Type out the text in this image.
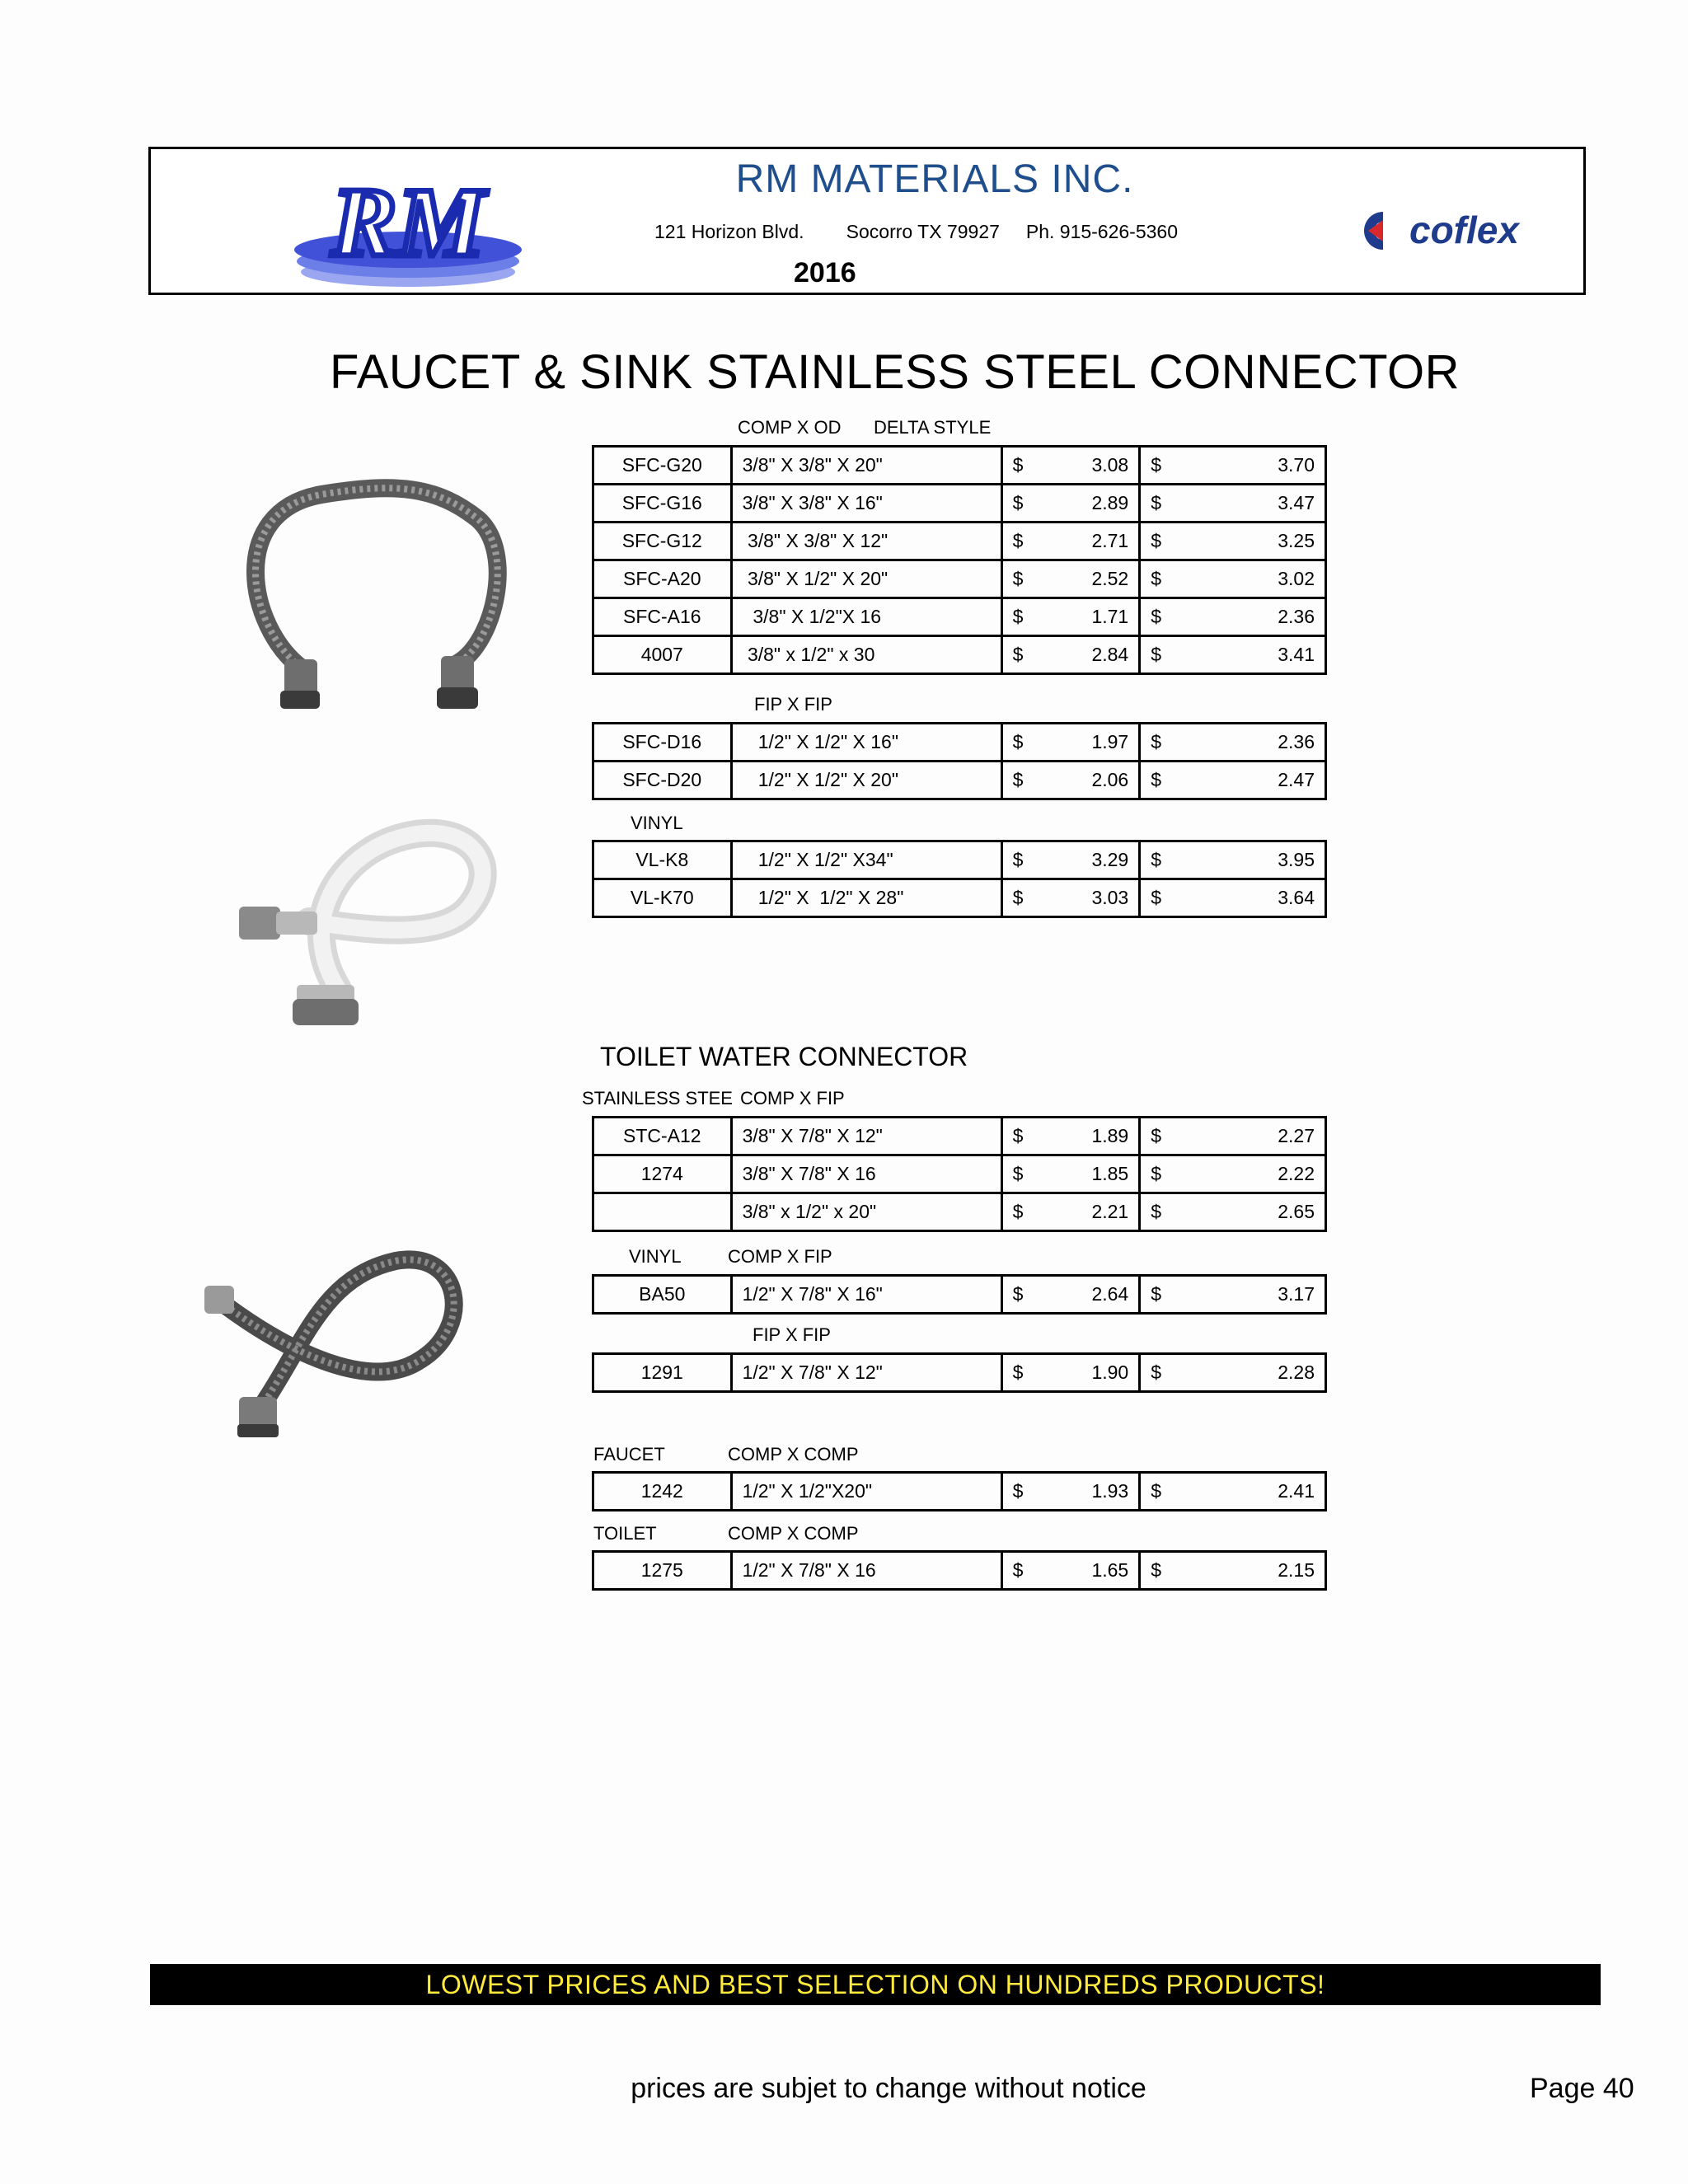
RM	RM MATERIALS INC.
121 Horizon Blvd.        Socorro TX 79927     Ph. 915-626-5360
2016
coflex
FAUCET & SINK STAINLESS STEEL CONNECTOR
COMP X OD DELTA STYLE
SFC-G20	3/8" X 3/8" X 20"	$ 3.08	$ 3.70

SFC-G16	3/8" X 3/8" X 16"	$ 2.89	$ 3.47

SFC-G12	3/8" X 3/8" X 12"	$ 2.71	$ 3.25

SFC-A20	3/8" X 1/2" X 20"	$ 2.52	$ 3.02

SFC-A16	3/8" X 1/2"X 16	$ 1.71	$ 2.36

4007	3/8" x 1/2" x 30	$ 2.84	$ 3.41
FIP X FIP
SFC-D16	1/2" X 1/2" X 16"	$ 1.97	$ 2.36

SFC-D20	1/2" X 1/2" X 20"	$ 2.06	$ 2.47
VINYL
VL-K8	1/2" X 1/2" X34"	$ 3.29	$ 3.95

VL-K70	1/2" X  1/2" X 28"	$ 3.03	$ 3.64
TOILET WATER CONNECTOR
STAINLESS STEE COMP X FIP
STC-A12	3/8" X 7/8" X 12"	$ 1.89	$ 2.27

1274	3/8" X 7/8" X 16	$ 1.85	$ 2.22

	3/8" x 1/2" x 20"	$ 2.21	$ 2.65
VINYL	COMP X FIP
BA50	1/2" X 7/8" X 16"	$	2.64	$	3.17
FIP X FIP
1291	1/2" X 7/8" X 12"	$	1.90	$	2.28
FAUCET	COMP X COMP
1242	1/2" X 1/2"X20"	$	1.93	$	2.41
TOILET	COMP X COMP
1275	1/2" X 7/8" X 16	$	1.65	$	2.15
LOWEST PRICES AND BEST SELECTION ON HUNDREDS PRODUCTS!
prices are subjet to change without notice	Page 40
